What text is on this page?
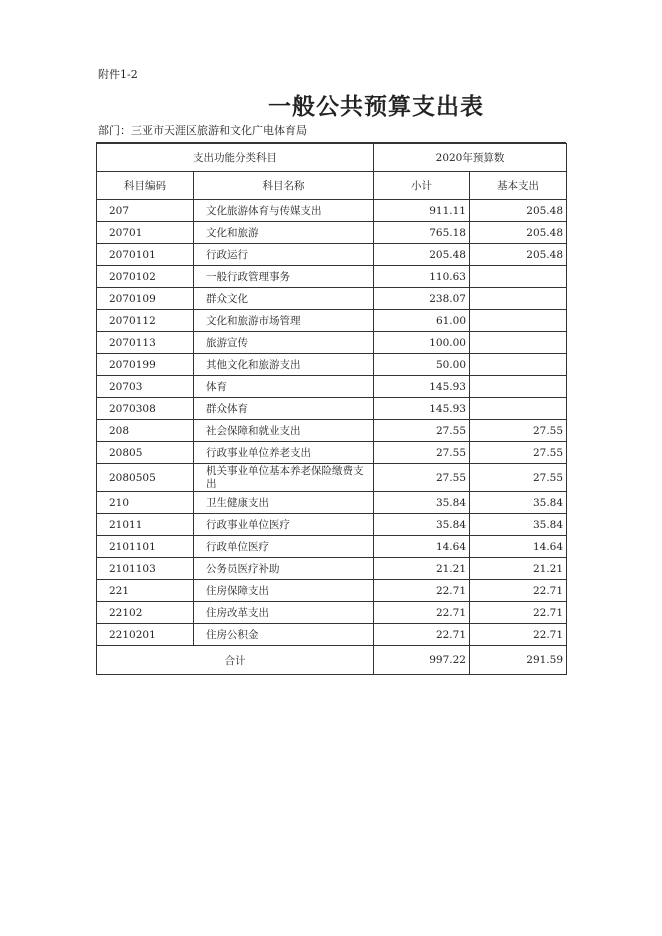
附件1-2
一般公共预算支出表
部门：三亚市天涯区旅游和文化广电体育局
支出功能分类科目		2020年预算数	
科目编码	科目名称	小计	基本支出
207	文化旅游体育与传媒支出	911.11	205.48
20701	文化和旅游	765.18	205.48
2070101	行政运行	205.48	205.48
2070102	一般行政管理事务	110.63	
2070109	群众文化	238.07	
2070112	文化和旅游市场管理	61.00	
2070113	旅游宣传	100.00	
2070199	其他文化和旅游支出	50.00	
20703	体育	145.93	
2070308	群众体育	145.93	
208	社会保障和就业支出	27.55	27.55
20805	行政事业单位养老支出	27.55	27.55
2080505	机关事业单位基本养老保险缴费支出	27.55	27.55
210	卫生健康支出	35.84	35.84
21011	行政事业单位医疗	35.84	35.84
2101101	行政单位医疗	14.64	14.64
2101103	公务员医疗补助	21.21	21.21
221	住房保障支出	22.71	22.71
22102	住房改革支出	22.71	22.71
2210201	住房公积金	22.71	22.71
合计		997.22	291.59
